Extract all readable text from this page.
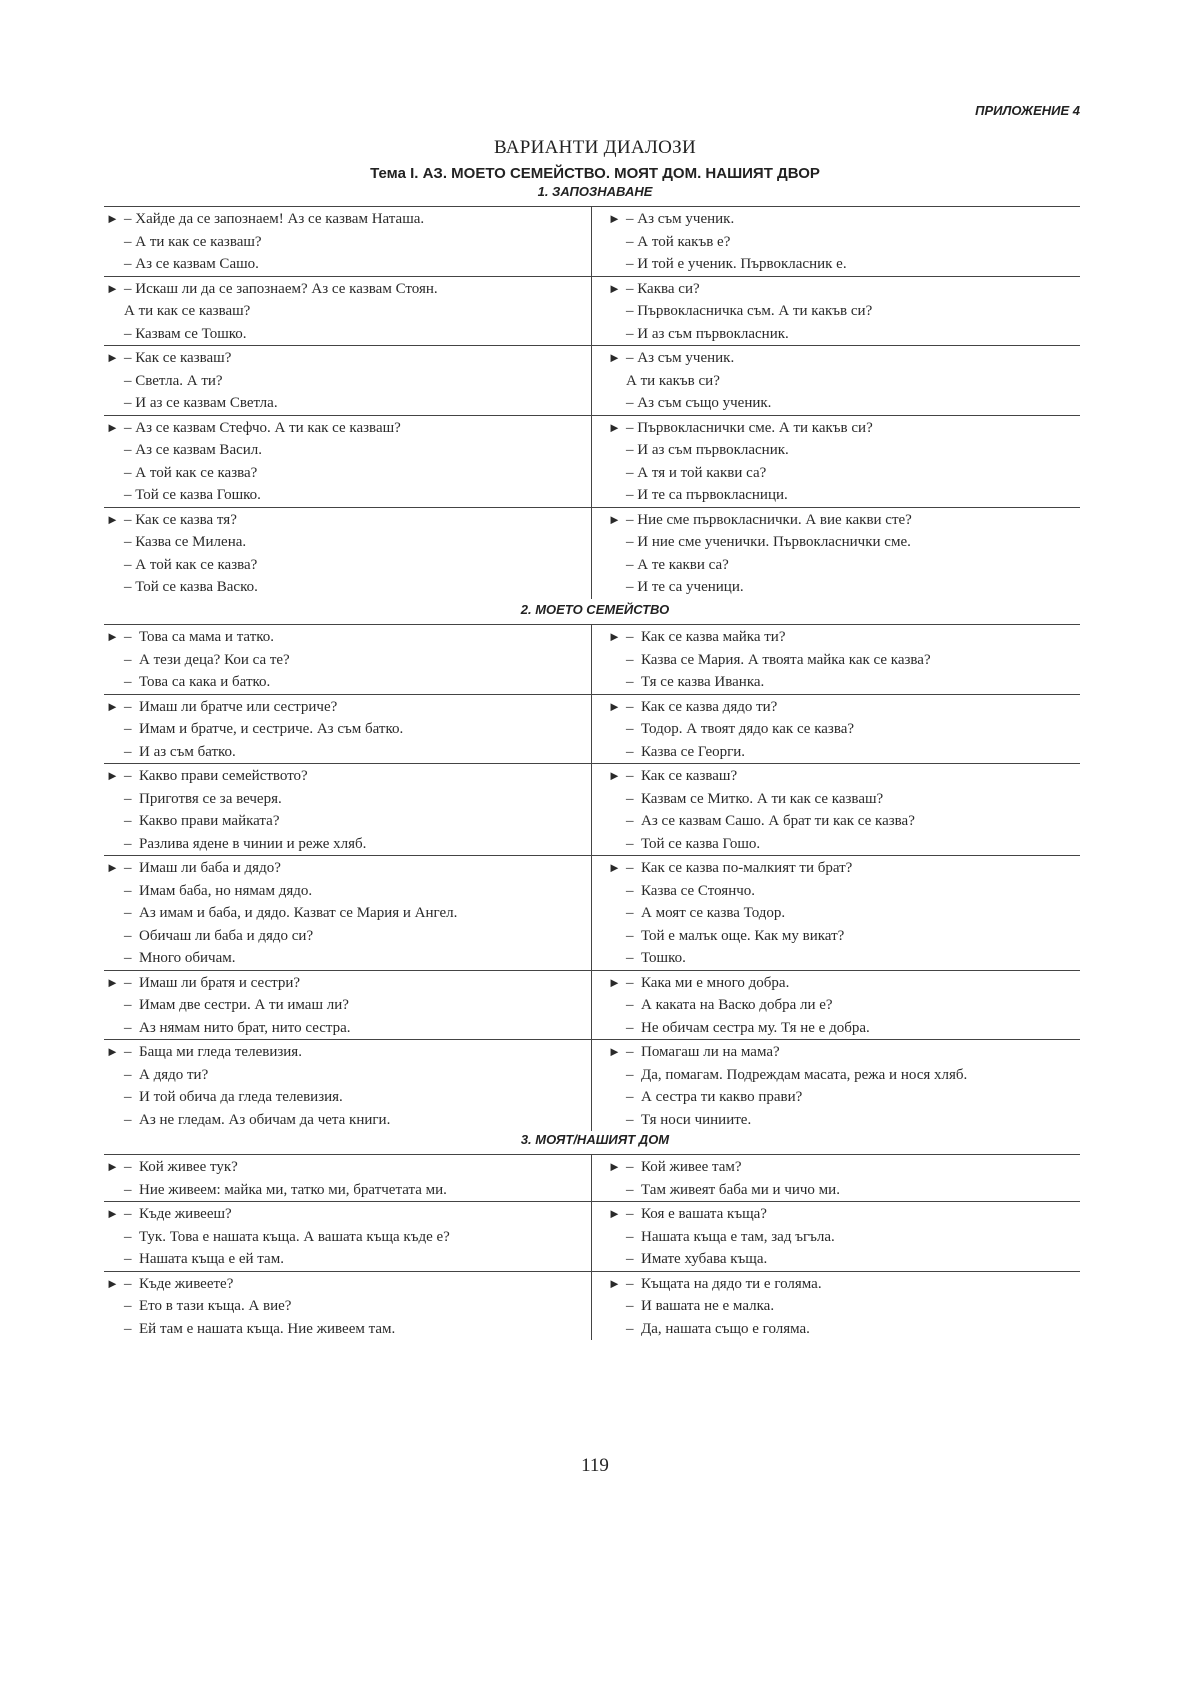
ПРИЛОЖЕНИЕ 4
ВАРИАНТИ ДИАЛОЗИ
Тема I. АЗ. МОЕТО СЕМЕЙСТВО. МОЯТ ДОМ. НАШИЯТ ДВОР
1. ЗАПОЗНАВАНЕ
► – Хайде да се запознаем! Аз се казвам Наташа.
– А ти как се казваш?
– Аз се казвам Сашо.
► – Аз съм ученик.
– А той какъв е?
– И той е ученик. Първокласник е.
► – Искаш ли да се запознаем? Аз се казвам Стоян.
А ти как се казваш?
– Казвам се Тошко.
► – Каква си?
– Първокласничка съм. А ти какъв си?
– И аз съм първокласник.
► – Как се казваш?
– Светла. А ти?
– И аз се казвам Светла.
► – Аз съм ученик.
А ти какъв си?
– Аз съм също ученик.
► – Аз се казвам Стефчо. А ти как се казваш?
– Аз се казвам Васил.
– А той как се казва?
– Той се казва Гошко.
► – Първокласнички сме. А ти какъв си?
– И аз съм първокласник.
– А тя и той какви са?
– И те са първокласници.
► – Как се казва тя?
– Казва се Милена.
– А той как се казва?
– Той се казва Васко.
► – Ние сме първокласнички. А вие какви сте?
– И ние сме ученички. Първокласнички сме.
– А те какви са?
– И те са ученици.
2. МОЕТО СЕМЕЙСТВО
► –  Това са мама и татко.
–  А тези деца? Кои са те?
–  Това са кака и батко.
► –  Как се казва майка ти?
–  Казва се Мария. А твоята майка как се казва?
–  Тя се казва Иванка.
► –  Имаш ли братче или сестриче?
–  Имам и братче, и сестриче. Аз съм батко.
–  И аз съм батко.
► –  Как се казва дядо ти?
–  Тодор. А твоят дядо как се казва?
–  Казва се Георги.
► –  Какво прави семейството?
–  Приготвя се за вечеря.
–  Какво прави майката?
–  Разлива ядене в чинии и реже хляб.
► –  Как се казваш?
–  Казвам се Митко. А ти как се казваш?
–  Аз се казвам Сашо. А брат ти как се казва?
–  Той се казва Гошо.
► –  Имаш ли баба и дядо?
–  Имам баба, но нямам дядо.
–  Аз имам и баба, и дядо. Казват се Мария и Ангел.
–  Обичаш ли баба и дядо си?
–  Много обичам.
► –  Как се казва по-малкият ти брат?
–  Казва се Стоянчо.
–  А моят се казва Тодор.
–  Той е малък още. Как му викат?
–  Тошко.
► –  Имаш ли братя и сестри?
–  Имам две сестри. А ти имаш ли?
–  Аз нямам нито брат, нито сестра.
► –  Кака ми е много добра.
–  А каката на Васко добра ли е?
–  Не обичам сестра му. Тя не е добра.
► –  Баща ми гледа телевизия.
–  А дядо ти?
–  И той обича да гледа телевизия.
–  Аз не гледам. Аз обичам да чета книги.
► –  Помагаш ли на мама?
–  Да, помагам. Подреждам масата, режа и нося хляб.
–  А сестра ти какво прави?
–  Тя носи чиниите.
3. МОЯТ/НАШИЯТ ДОМ
► –  Кой живее тук?
–  Ние живеем: майка ми, татко ми, братчетата ми.
► –  Кой живее там?
–  Там живеят баба ми и чичо ми.
► –  Къде живееш?
–  Тук. Това е нашата къща. А вашата къща къде е?
–  Нашата къща е ей там.
► –  Коя е вашата къща?
–  Нашата къща е там, зад ъгъла.
–  Имате хубава къща.
► –  Къде живеете?
–  Ето в тази къща. А вие?
–  Ей там е нашата къща. Ние живеем там.
► –  Къщата на дядо ти е голяма.
–  И вашата не е малка.
–  Да, нашата също е голяма.
119
